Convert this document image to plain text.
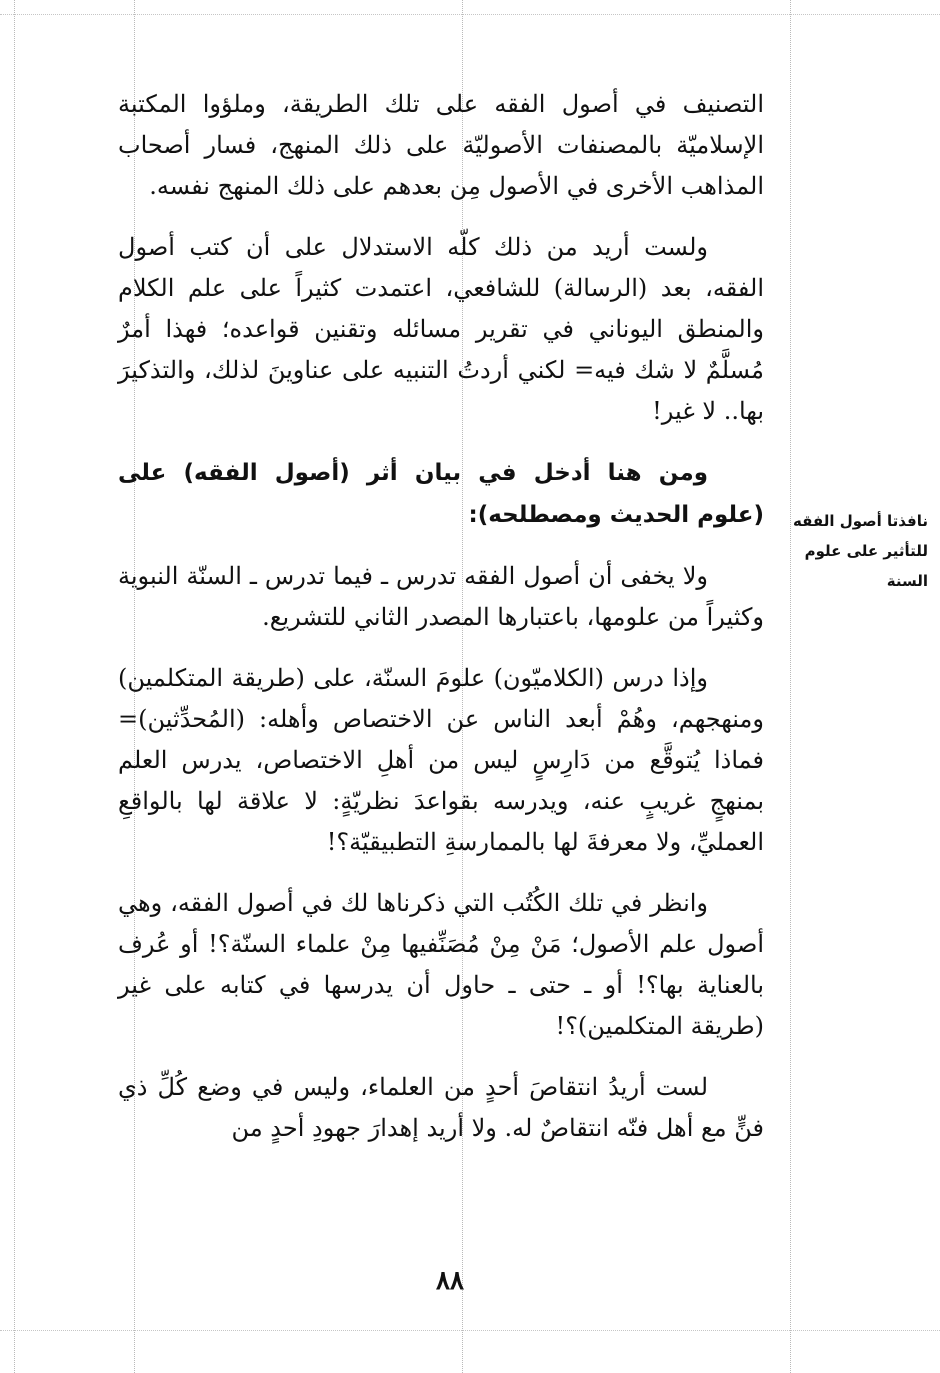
التصنيف في أصول الفقه على تلك الطريقة، وملؤوا المكتبة الإسلاميّة بالمصنفات الأصوليّة على ذلك المنهج، فسار أصحاب المذاهب الأخرى في الأصول مِن بعدهم على ذلك المنهج نفسه.

ولست أريد من ذلك كلّه الاستدلال على أن كتب أصول الفقه، بعد (الرسالة) للشافعي، اعتمدت كثيراً على علم الكلام والمنطق اليوناني في تقرير مسائله وتقنين قواعده؛ فهذا أمرٌ مُسلَّمٌ لا شك فيه= لكني أردتُ التنبيه على عناوينَ لذلك، والتذكيرَ بها.. لا غير!

ومن هنا أدخل في بيان أثر (أصول الفقه) على (علوم الحديث ومصطلحه):

ولا يخفى أن أصول الفقه تدرس ـ فيما تدرس ـ السنّة النبوية وكثيراً من علومها، باعتبارها المصدر الثاني للتشريع.

وإذا درس (الكلاميّون) علومَ السنّة، على (طريقة المتكلمين) ومنهجهم، وهُمْ أبعد الناس عن الاختصاص وأهله: (المُحدِّثين)= فماذا يُتوقَّع من دَارِسٍ ليس من أهلِ الاختصاص، يدرس العلم بمنهجٍ غريبٍ عنه، ويدرسه بقواعدَ نظريّةٍ: لا علاقة لها بالواقعِ العمليِّ، ولا معرفةَ لها بالممارسةِ التطبيقيّة؟!

وانظر في تلك الكُتُب التي ذكرناها لك في أصول الفقه، وهي أصول علم الأصول؛ مَنْ مِنْ مُصَنِّفيها مِنْ علماء السنّة؟! أو عُرف بالعناية بها؟! أو ـ حتى ـ حاول أن يدرسها في كتابه على غير (طريقة المتكلمين)؟!

لست أريدُ انتقاصَ أحدٍ من العلماء، وليس في وضع كُلِّ ذي فنٍّ مع أهل فنّه انتقاصٌ له. ولا أريد إهدارَ جهودِ أحدٍ من

نافذتا أصول الفقه للتأثير على علوم السنة
٨٨
